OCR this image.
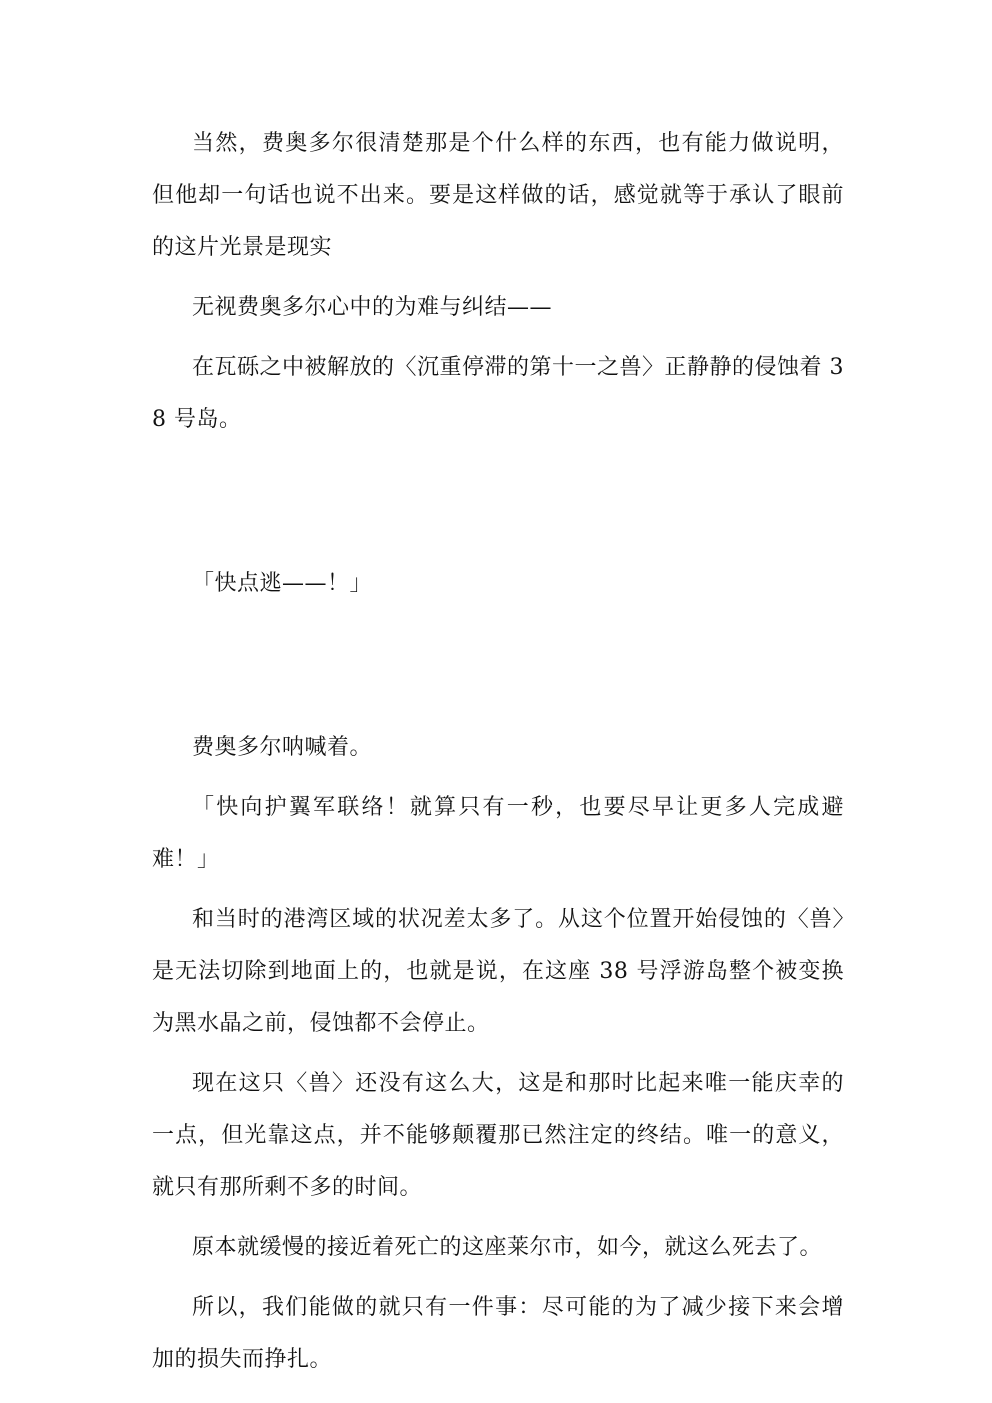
当然，费奥多尔很清楚那是个什么样的东西，也有能力做说明，但他却一句话也说不出来。要是这样做的话，感觉就等于承认了眼前的这片光景是现实

无视费奥多尔心中的为难与纠结——

在瓦砾之中被解放的〈沉重停滞的第十一之兽〉正静静的侵蚀着 38 号岛。

「快点逃——！」

费奥多尔呐喊着。

「快向护翼军联络！就算只有一秒，也要尽早让更多人完成避难！」

和当时的港湾区域的状况差太多了。从这个位置开始侵蚀的〈兽〉是无法切除到地面上的，也就是说，在这座 38 号浮游岛整个被变换为黑水晶之前，侵蚀都不会停止。

现在这只〈兽〉还没有这么大，这是和那时比起来唯一能庆幸的一点，但光靠这点，并不能够颠覆那已然注定的终结。唯一的意义，就只有那所剩不多的时间。

原本就缓慢的接近着死亡的这座莱尔市，如今，就这么死去了。

所以，我们能做的就只有一件事：尽可能的为了减少接下来会增加的损失而挣扎。
